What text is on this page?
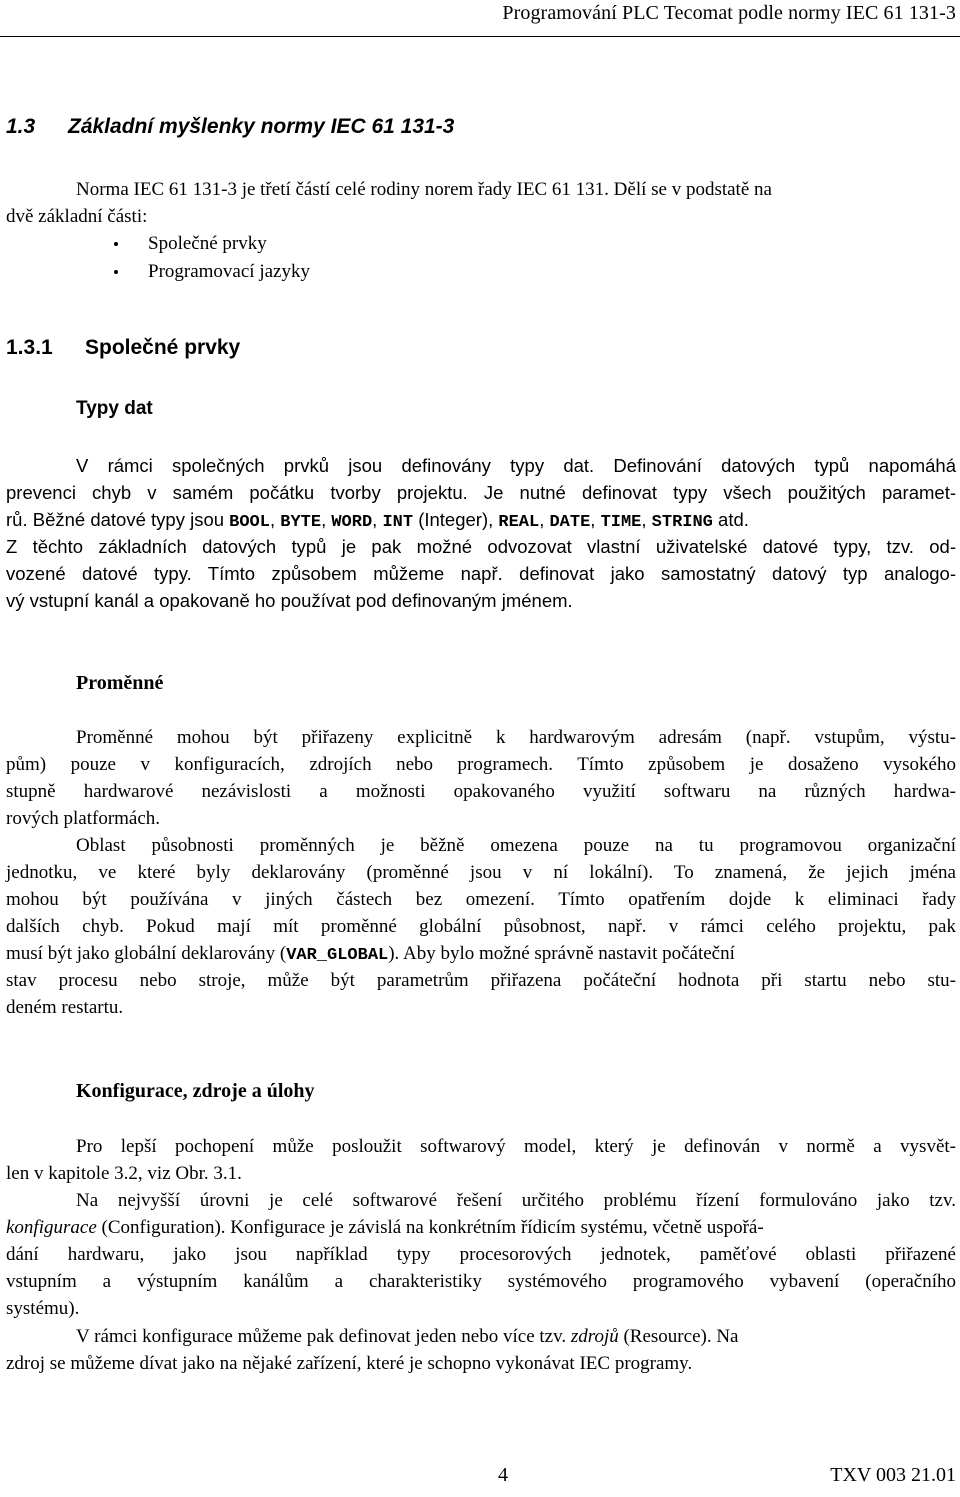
Programování PLC Tecomat podle normy IEC 61 131-3
1.3 Základní myšlenky normy IEC 61 131-3
Norma IEC 61 131-3 je třetí částí celé rodiny norem řady IEC 61 131. Dělí se v podstatě na
dvě základní části:
Společné prvky
Programovací jazyky
1.3.1 Společné prvky
Typy dat
V rámci společných prvků jsou definovány typy dat. Definování datových typů napomáhá
prevenci chyb v samém počátku tvorby projektu. Je nutné definovat typy všech použitých paramet-
rů. Běžné datové typy jsou BOOL, BYTE, WORD, INT (Integer), REAL, DATE, TIME, STRING atd.
Z těchto základních datových typů je pak možné odvozovat vlastní uživatelské datové typy, tzv. od-
vozené datové typy. Tímto způsobem můžeme např. definovat jako samostatný datový typ analogo-
vý vstupní kanál a opakovaně ho používat pod definovaným jménem.
Proměnné
Proměnné mohou být přiřazeny explicitně k hardwarovým adresám (např. vstupům, výstu-
pům) pouze v konfiguracích, zdrojích nebo programech. Tímto způsobem je dosaženo vysokého
stupně hardwarové nezávislosti a možnosti opakovaného využití softwaru na různých hardwa-
rových platformách.
Oblast působnosti proměnných je běžně omezena pouze na tu programovou organizační
jednotku, ve které byly deklarovány (proměnné jsou v ní lokální). To znamená, že jejich jména
mohou být používána v jiných částech bez omezení. Tímto opatřením dojde k eliminaci řady
dalších chyb. Pokud mají mít proměnné globální působnost, např. v rámci celého projektu, pak
musí být jako globální deklarovány (VAR_GLOBAL). Aby bylo možné správně nastavit počáteční
stav procesu nebo stroje, může být parametrům přiřazena počáteční hodnota při startu nebo stu-
deném restartu.
Konfigurace, zdroje a úlohy
Pro lepší pochopení může posloužit softwarový model, který je definován v normě a vysvět-
len v kapitole 3.2, viz Obr. 3.1.
Na nejvyšší úrovni je celé softwarové řešení určitého problému řízení formulováno jako tzv.
konfigurace (Configuration). Konfigurace je závislá na konkrétním řídicím systému, včetně uspořá-
dání hardwaru, jako jsou například typy procesorových jednotek, paměťové oblasti přiřazené
vstupním a výstupním kanálům a charakteristiky systémového programového vybavení (operačního
systému).
V rámci konfigurace můžeme pak definovat jeden nebo více tzv. zdrojů (Resource). Na
zdroj se můžeme dívat jako na nějaké zařízení, které je schopno vykonávat IEC programy.
4	TXV 003 21.01
